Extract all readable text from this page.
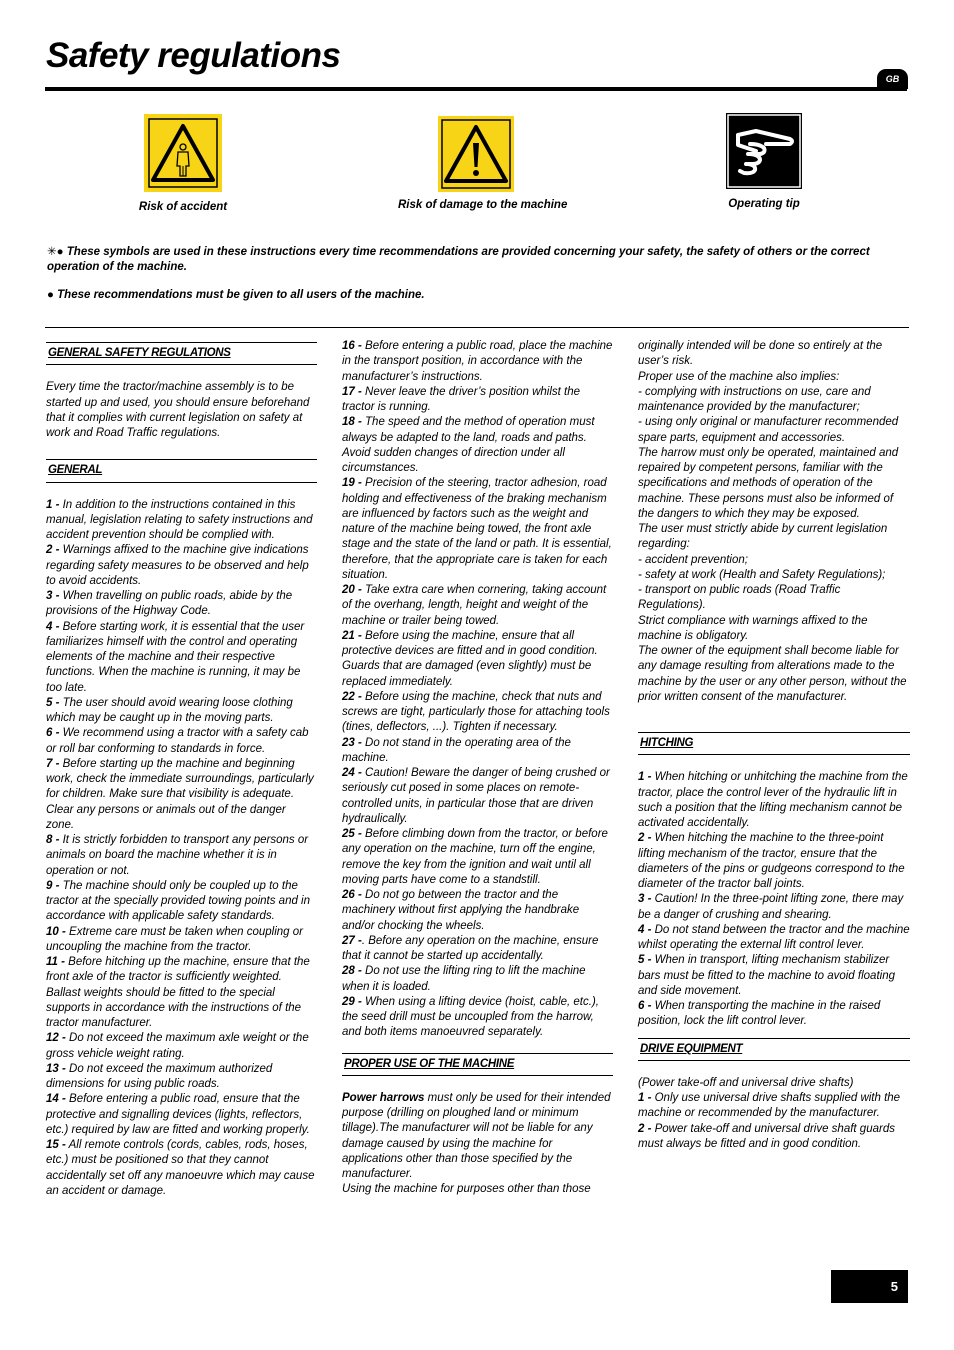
Safety regulations
GB
Risk of accident	Risk of damage to the machine	Operating tip
✳● These symbols are used in these instructions every time recommendations are provided concerning your safety, the safety of others or the correct operation of the machine.
● These recommendations must be given to all users of the machine.
GENERAL SAFETY REGULATIONS

Every time the tractor/machine assembly is to be started up and used, you should ensure beforehand that it complies with current legislation on safety at work and Road Traffic regulations.

GENERAL

1 - In addition to the instructions contained in this manual, legislation relating to safety instructions and accident prevention should be complied with.

2 - Warnings affixed to the machine give indications regarding safety measures to be observed and help to avoid accidents.

3 - When travelling on public roads, abide by the provisions of the Highway Code.

4 - Before starting work, it is essential that the user familiarizes himself with the control and operating elements of the machine and their respective functions. When the machine is running, it may be too late.

5 - The user should avoid wearing loose clothing which may be caught up in the moving parts.

6 - We recommend using a tractor with a safety cab or roll bar conforming to standards in force.

7 - Before starting up the machine and beginning work, check the immediate surroundings, particularly for children. Make sure that visibility is adequate. Clear any persons or animals out of the danger zone.

8 - It is strictly forbidden to transport any persons or animals on board the machine whether it is in operation or not.

9 - The machine should only be coupled up to the tractor at the specially provided towing points and in accordance with applicable safety standards.

10 - Extreme care must be taken when coupling or uncoupling the machine from the tractor.

11 - Before hitching up the machine, ensure that the front axle of the tractor is sufficiently weighted. Ballast weights should be fitted to the special supports in accordance with the instructions of the tractor manufacturer.

12 - Do not exceed the maximum axle weight or the gross vehicle weight rating.

13 - Do not exceed the maximum authorized dimensions for using public roads.

14 - Before entering a public road, ensure that the protective and signalling devices (lights, reflectors, etc.) required by law are fitted and working properly.

15 - All remote controls (cords, cables, rods, hoses, etc.) must be positioned so that they cannot accidentally set off any manoeuvre which may cause an accident or damage.

16 - Before entering a public road, place the machine in the transport position, in accordance with the manufacturer’s instructions.

17 - Never leave the driver’s position whilst the tractor is running.

18 - The speed and the method of operation must always be adapted to the land, roads and paths. Avoid sudden changes of direction under all circumstances.

19 - Precision of the steering, tractor adhesion, road holding and effectiveness of the braking mechanism are influenced by factors such as the weight and nature of the machine being towed, the front axle stage and the state of the land or path. It is essential, therefore, that the appropriate care is taken for each situation.

20 - Take extra care when cornering, taking account of the overhang, length, height and weight of the machine or trailer being towed.

21 - Before using the machine, ensure that all protective devices are fitted and in good condition. Guards that are damaged (even slightly) must be replaced immediately.

22 - Before using the machine, check that nuts and screws are tight, particularly those for attaching tools (tines, deflectors, ...). Tighten if necessary.

23 - Do not stand in the operating area of the machine.

24 - Caution! Beware the danger of being crushed or seriously cut posed in some places on remote-controlled units, in particular those that are driven hydraulically.

25 - Before climbing down from the tractor, or before any operation on the machine, turn off the engine, remove the key from the ignition and wait until all moving parts have come to a standstill.

26 - Do not go between the tractor and the machinery without first applying the handbrake and/or chocking the wheels.

27 -. Before any operation on the machine, ensure that it cannot be started up accidentally.

28 - Do not use the lifting ring to lift the machine when it is loaded.

29 - When using a lifting device (hoist, cable, etc.), the seed drill must be uncoupled from the harrow, and both items manoeuvred separately.

PROPER USE OF THE MACHINE

Power harrows must only be used for their intended purpose (drilling on ploughed land or minimum tillage).The manufacturer will not be liable for any damage caused by using the machine for applications other than those specified by the manufacturer.

Using the machine for purposes other than those

originally intended will be done so entirely at the user’s risk.

Proper use of the machine also implies:

- complying with instructions on use, care and maintenance provided by the manufacturer;

- using only original or manufacturer recommended spare parts, equipment and accessories.

The harrow must only be operated, maintained and repaired by competent persons, familiar with the specifications and methods of operation of the machine. These persons must also be informed of the dangers to which they may be exposed.

The user must strictly abide by current legislation regarding:

- accident prevention;

- safety at work (Health and Safety Regulations);

- transport on public roads (Road Traffic Regulations).

Strict compliance with warnings affixed to the machine is obligatory.

The owner of the equipment shall become liable for any damage resulting from alterations made to the machine by the user or any other person, without the prior written consent of the manufacturer.

HITCHING

1 - When hitching or unhitching the machine from the tractor, place the control lever of the hydraulic lift in such a position that the lifting mechanism cannot be activated accidentally.

2 - When hitching the machine to the three-point lifting mechanism of the tractor, ensure that the diameters of the pins or gudgeons correspond to the diameter of the tractor ball joints.

3 - Caution! In the three-point lifting zone, there may be a danger of crushing and shearing.

4 - Do not stand between the tractor and the machine whilst operating the external lift control lever.

5 - When in transport, lifting mechanism stabilizer bars must be fitted to the machine to avoid floating and side movement.

6 - When transporting the machine in the raised position, lock the lift control lever.

DRIVE EQUIPMENT

(Power take-off and universal drive shafts)

1 - Only use universal drive shafts supplied with the machine or recommended by the manufacturer.

2 - Power take-off and universal drive shaft guards must always be fitted and in good condition.

5
